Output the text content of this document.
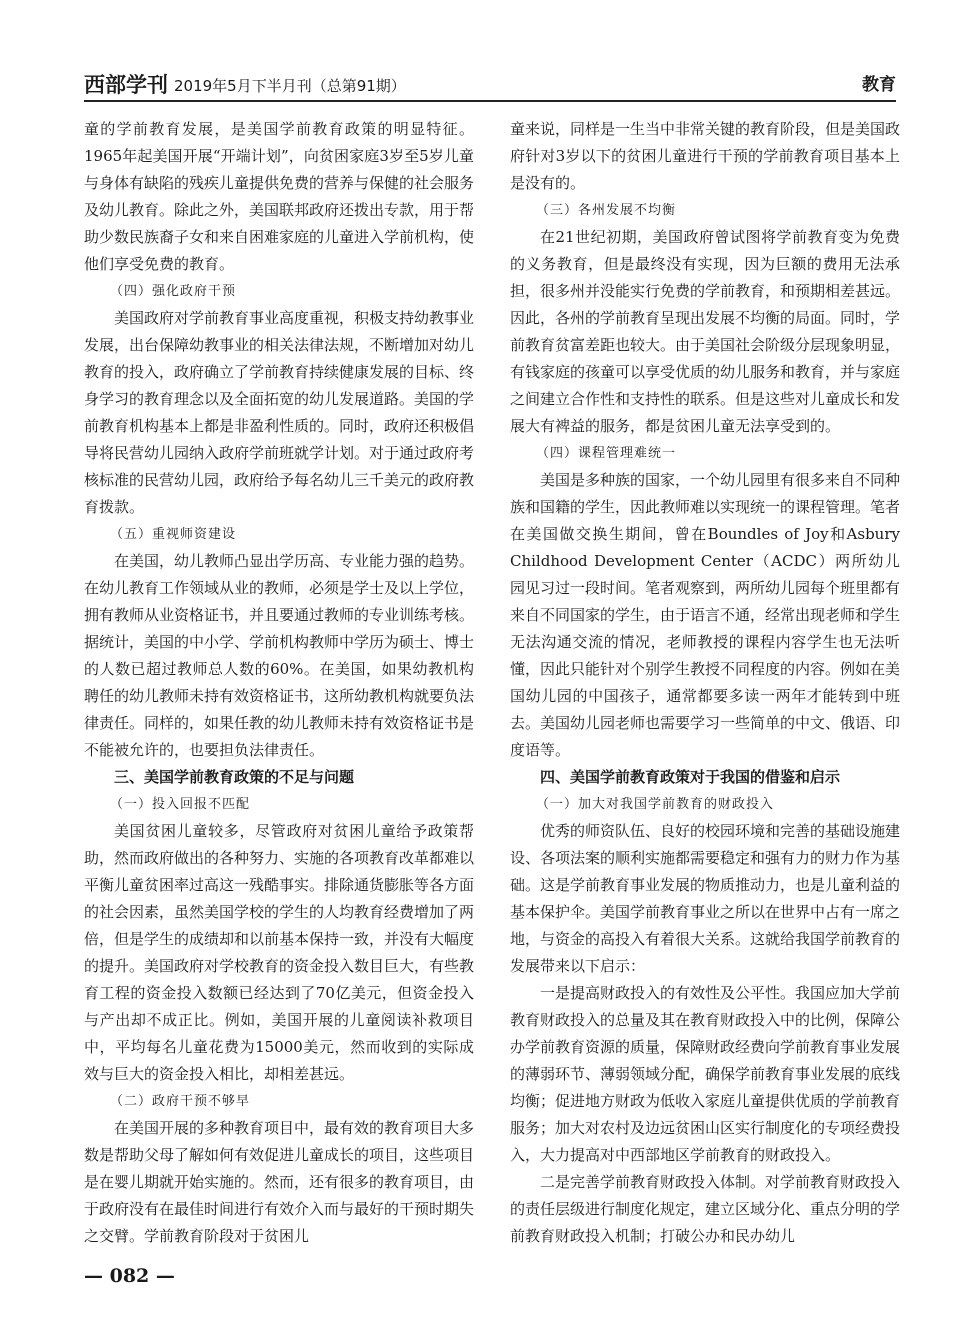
西部学刊 2019年5月下半月刊（总第91期）	教育

童的学前教育发展，是美国学前教育政策的明显特征。1965年起美国开展“开端计划”，向贫困家庭3岁至5岁儿童与身体有缺陷的残疾儿童提供免费的营养与保健的社会服务及幼儿教育。除此之外，美国联邦政府还拨出专款，用于帮助少数民族裔子女和来自困难家庭的儿童进入学前机构，使他们享受免费的教育。

（四）强化政府干预

美国政府对学前教育事业高度重视，积极支持幼教事业发展，出台保障幼教事业的相关法律法规，不断增加对幼儿教育的投入，政府确立了学前教育持续健康发展的目标、终身学习的教育理念以及全面拓宽的幼儿发展道路。美国的学前教育机构基本上都是非盈利性质的。同时，政府还积极倡导将民营幼儿园纳入政府学前班就学计划。对于通过政府考核标准的民营幼儿园，政府给予每名幼儿三千美元的政府教育拨款。

（五）重视师资建设

在美国，幼儿教师凸显出学历高、专业能力强的趋势。在幼儿教育工作领域从业的教师，必须是学士及以上学位，拥有教师从业资格证书，并且要通过教师的专业训练考核。据统计，美国的中小学、学前机构教师中学历为硕士、博士的人数已超过教师总人数的60%。在美国，如果幼教机构聘任的幼儿教师未持有效资格证书，这所幼教机构就要负法律责任。同样的，如果任教的幼儿教师未持有效资格证书是不能被允许的，也要担负法律责任。

三、美国学前教育政策的不足与问题

（一）投入回报不匹配

美国贫困儿童较多，尽管政府对贫困儿童给予政策帮助，然而政府做出的各种努力、实施的各项教育改革都难以平衡儿童贫困率过高这一残酷事实。排除通货膨胀等各方面的社会因素，虽然美国学校的学生的人均教育经费增加了两倍，但是学生的成绩却和以前基本保持一致，并没有大幅度的提升。美国政府对学校教育的资金投入数目巨大，有些教育工程的资金投入数额已经达到了70亿美元，但资金投入与产出却不成正比。例如，美国开展的儿童阅读补救项目中，平均每名儿童花费为15000美元，然而收到的实际成效与巨大的资金投入相比，却相差甚远。

（二）政府干预不够早

在美国开展的多种教育项目中，最有效的教育项目大多数是帮助父母了解如何有效促进儿童成长的项目，这些项目是在婴儿期就开始实施的。然而，还有很多的教育项目，由于政府没有在最佳时间进行有效介入而与最好的干预时期失之交臂。学前教育阶段对于贫困儿

童来说，同样是一生当中非常关键的教育阶段，但是美国政府针对3岁以下的贫困儿童进行干预的学前教育项目基本上是没有的。

（三）各州发展不均衡

在21世纪初期，美国政府曾试图将学前教育变为免费的义务教育，但是最终没有实现，因为巨额的费用无法承担，很多州并没能实行免费的学前教育，和预期相差甚远。因此，各州的学前教育呈现出发展不均衡的局面。同时，学前教育贫富差距也较大。由于美国社会阶级分层现象明显，有钱家庭的孩童可以享受优质的幼儿服务和教育，并与家庭之间建立合作性和支持性的联系。但是这些对儿童成长和发展大有裨益的服务，都是贫困儿童无法享受到的。

（四）课程管理难统一

美国是多种族的国家，一个幼儿园里有很多来自不同种族和国籍的学生，因此教师难以实现统一的课程管理。笔者在美国做交换生期间，曾在Boundles of Joy和Asbury Childhood Development Center（ACDC）两所幼儿园见习过一段时间。笔者观察到，两所幼儿园每个班里都有来自不同国家的学生，由于语言不通，经常出现老师和学生无法沟通交流的情况，老师教授的课程内容学生也无法听懂，因此只能针对个别学生教授不同程度的内容。例如在美国幼儿园的中国孩子，通常都要多读一两年才能转到中班去。美国幼儿园老师也需要学习一些简单的中文、俄语、印度语等。

四、美国学前教育政策对于我国的借鉴和启示

（一）加大对我国学前教育的财政投入

优秀的师资队伍、良好的校园环境和完善的基础设施建设、各项法案的顺利实施都需要稳定和强有力的财力作为基础。这是学前教育事业发展的物质推动力，也是儿童利益的基本保护伞。美国学前教育事业之所以在世界中占有一席之地，与资金的高投入有着很大关系。这就给我国学前教育的发展带来以下启示：

一是提高财政投入的有效性及公平性。我国应加大学前教育财政投入的总量及其在教育财政投入中的比例，保障公办学前教育资源的质量，保障财政经费向学前教育事业发展的薄弱环节、薄弱领域分配，确保学前教育事业发展的底线均衡；促进地方财政为低收入家庭儿童提供优质的学前教育服务；加大对农村及边远贫困山区实行制度化的专项经费投入，大力提高对中西部地区学前教育的财政投入。

二是完善学前教育财政投入体制。对学前教育财政投入的责任层级进行制度化规定，建立区域分化、重点分明的学前教育财政投入机制；打破公办和民办幼儿

— 082 —
